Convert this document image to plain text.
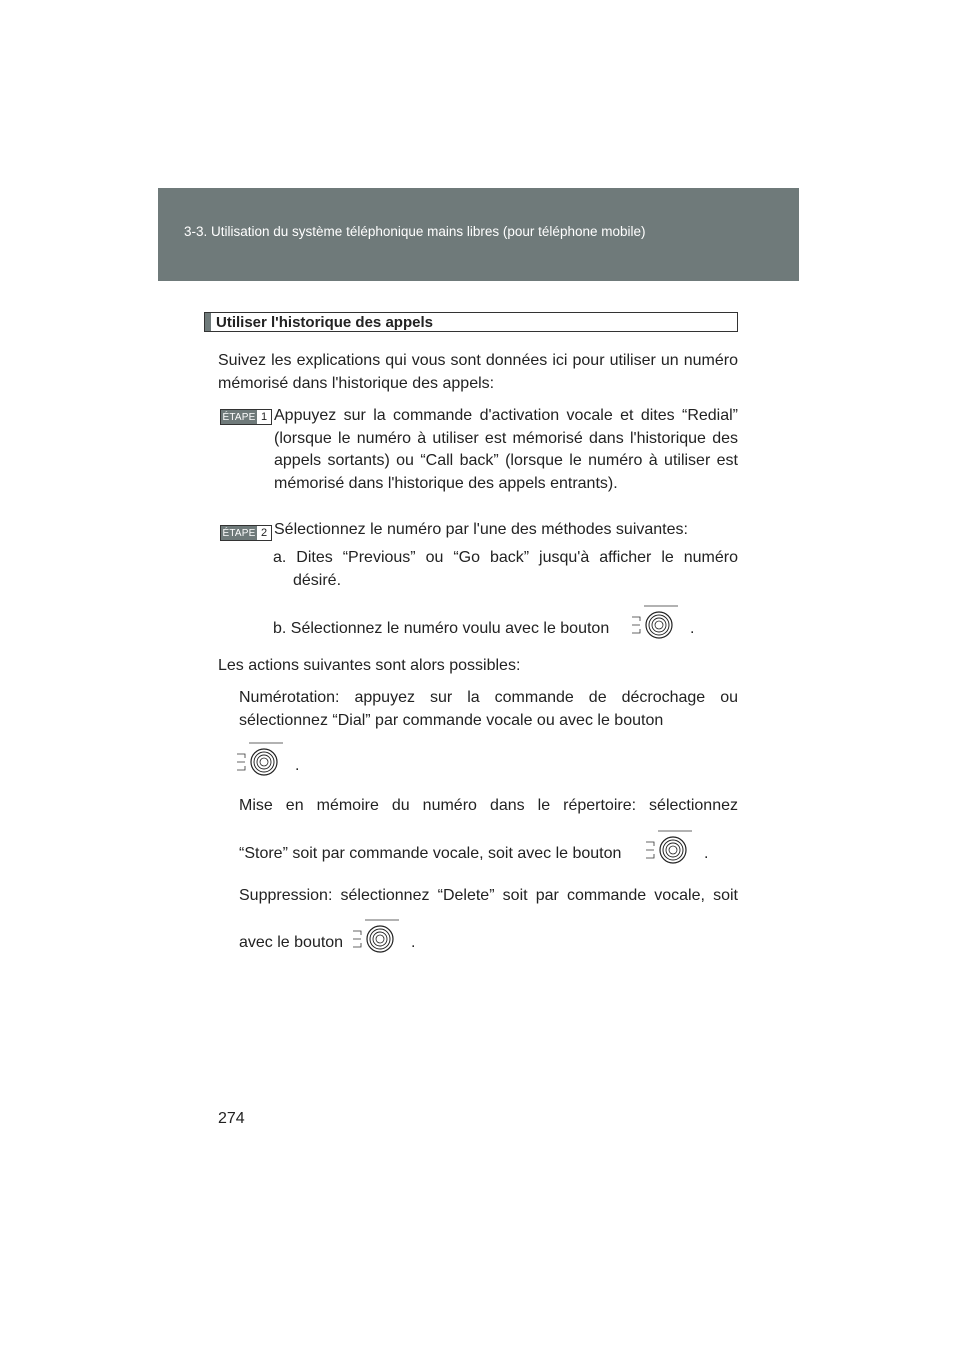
3-3. Utilisation du système téléphonique mains libres (pour téléphone mobile)
Utiliser l'historique des appels
Suivez les explications qui vous sont données ici pour utiliser un numéro mémorisé dans l'historique des appels:
ÉTAPE 1 Appuyez sur la commande d'activation vocale et dites “Redial” (lorsque le numéro à utiliser est mémorisé dans l'historique des appels sortants) ou “Call back” (lorsque le numéro à utiliser est mémorisé dans l'historique des appels entrants).
ÉTAPE 2 Sélectionnez le numéro par l'une des méthodes suivantes:
a. Dites “Previous” ou “Go back” jusqu'à afficher le numéro désiré.
b. Sélectionnez le numéro voulu avec le bouton	.
Les actions suivantes sont alors possibles:
Numérotation: appuyez sur la commande de décrochage ou sélectionnez “Dial” par commande vocale ou avec le bouton
.
Mise en mémoire du numéro dans le répertoire: sélectionnez
“Store” soit par commande vocale, soit avec le bouton	.
Suppression: sélectionnez “Delete” soit par commande vocale, soit
avec le bouton	.
274
